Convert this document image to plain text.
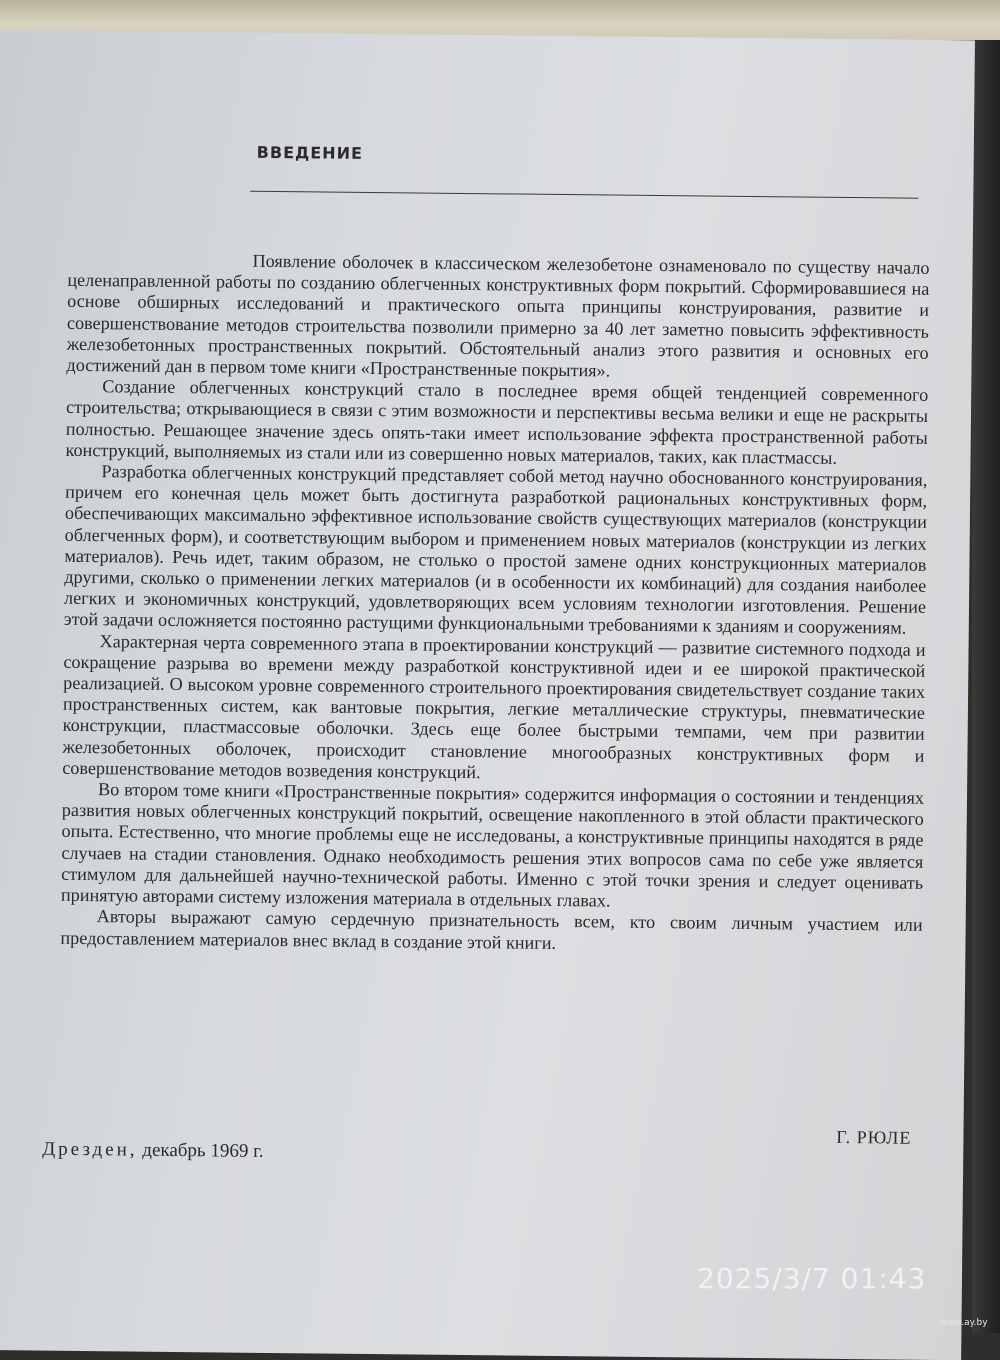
ВВЕДЕНИЕ

Появление оболочек в классическом железобетоне ознаменовало по существу начало целенаправленной работы по созданию облегченных конструктивных форм покрытий. Сформировавшиеся на основе обширных исследований и практического опыта принципы конструирования, развитие и совершенствование методов строительства позволили примерно за 40 лет заметно повысить эффективность железобетонных пространственных покрытий. Обстоятельный анализ этого развития и основных его достижений дан в первом томе книги «Пространственные покрытия».

Создание облегченных конструкций стало в последнее время общей тенденцией современного строительства; открывающиеся в связи с этим возможности и перспективы весьма велики и еще не раскрыты полностью. Решающее значение здесь опять-таки имеет использование эффекта пространственной работы конструкций, выполняемых из стали или из совершенно новых материалов, таких, как пластмассы.

Разработка облегченных конструкций представляет собой метод научно обоснованного конструирования, причем его конечная цель может быть достигнута разработкой рациональных конструктивных форм, обеспечивающих максимально эффективное использование свойств существующих материалов (конструкции облегченных форм), и соответствующим выбором и применением новых материалов (конструкции из легких материалов). Речь идет, таким образом, не столько о простой замене одних конструкционных материалов другими, сколько о применении легких материалов (и в особенности их комбинаций) для создания наиболее легких и экономичных конструкций, удовлетворяющих всем условиям технологии изготовления. Решение этой задачи осложняется постоянно растущими функциональными требованиями к зданиям и сооружениям.

Характерная черта современного этапа в проектировании конструкций — развитие системного подхода и сокращение разрыва во времени между разработкой конструктивной идеи и ее широкой практической реализацией. О высоком уровне современного строительного проектирования свидетельствует создание таких пространственных систем, как вантовые покрытия, легкие металлические структуры, пневматические конструкции, пластмассовые оболочки. Здесь еще более быстрыми темпами, чем при развитии железобетонных оболочек, происходит становление многообразных конструктивных форм и совершенствование методов возведения конструкций.

Во втором томе книги «Пространственные покрытия» содержится информация о состоянии и тенденциях развития новых облегченных конструкций покрытий, освещение накопленного в этой области практического опыта. Естественно, что многие проблемы еще не исследованы, а конструктивные принципы находятся в ряде случаев на стадии становления. Однако необходимость решения этих вопросов сама по себе уже является стимулом для дальнейшей научно-технической работы. Именно с этой точки зрения и следует оценивать принятую авторами систему изложения материала в отдельных главах.

Авторы выражают самую сердечную признательность всем, кто своим личным участием или предоставлением материалов внес вклад в создание этой книги.

Г. РЮЛЕ
Дрезден, декабрь 1969 г.
2025/3/7 01:43
www.ay.by
